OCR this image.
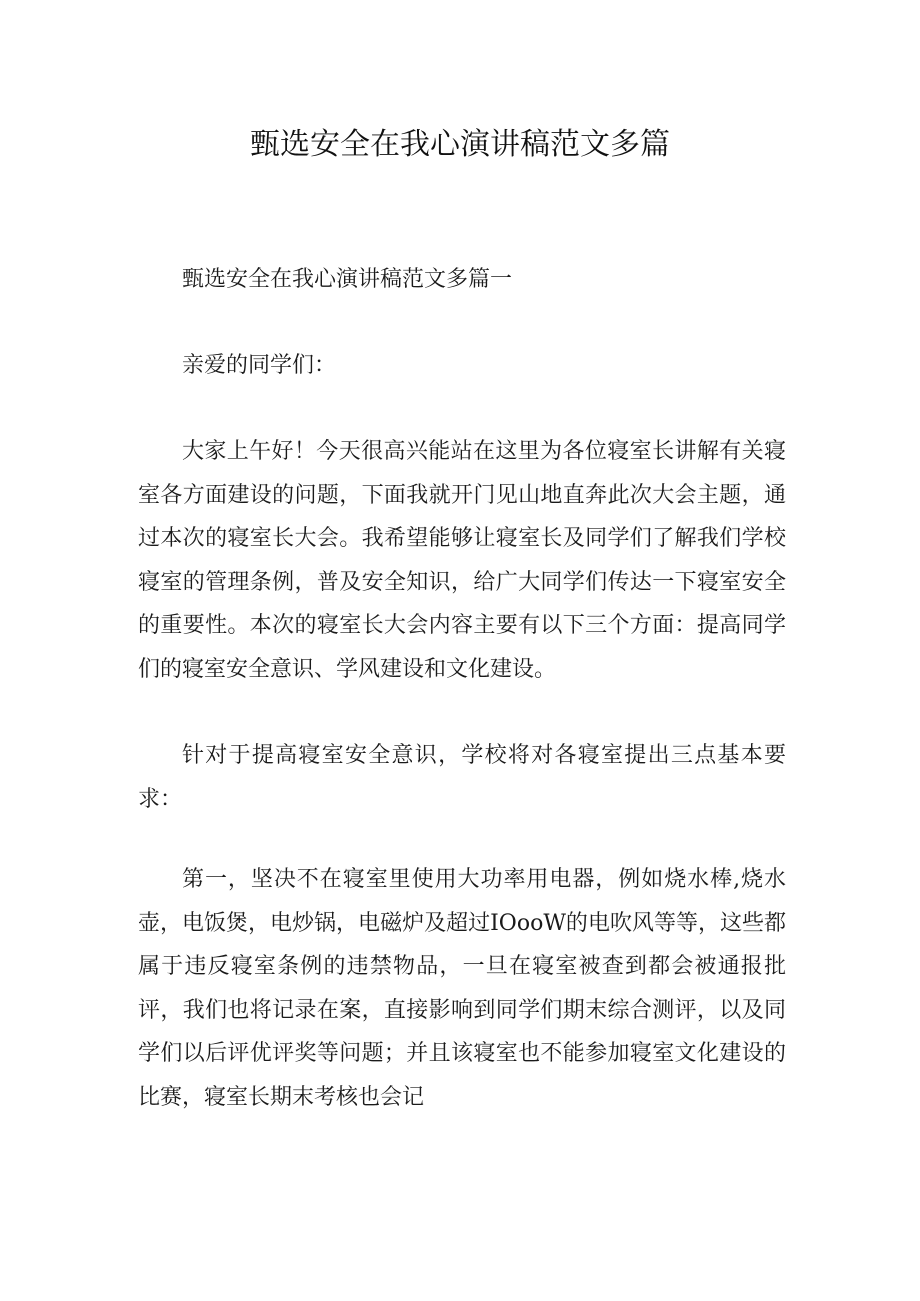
甄选安全在我心演讲稿范文多篇

甄选安全在我心演讲稿范文多篇一

亲爱的同学们：

大家上午好！今天很高兴能站在这里为各位寝室长讲解有关寝室各方面建设的问题，下面我就开门见山地直奔此次大会主题，通过本次的寝室长大会。我希望能够让寝室长及同学们了解我们学校寝室的管理条例，普及安全知识，给广大同学们传达一下寝室安全的重要性。本次的寝室长大会内容主要有以下三个方面：提高同学们的寝室安全意识、学风建设和文化建设。

针对于提高寝室安全意识，学校将对各寝室提出三点基本要求：

第一，坚决不在寝室里使用大功率用电器，例如烧水棒,烧水壶，电饭煲，电炒锅，电磁炉及超过IOooW的电吹风等等，这些都属于违反寝室条例的违禁物品，一旦在寝室被查到都会被通报批评，我们也将记录在案，直接影响到同学们期末综合测评，以及同学们以后评优评奖等问题；并且该寝室也不能参加寝室文化建设的比赛，寝室长期末考核也会记
